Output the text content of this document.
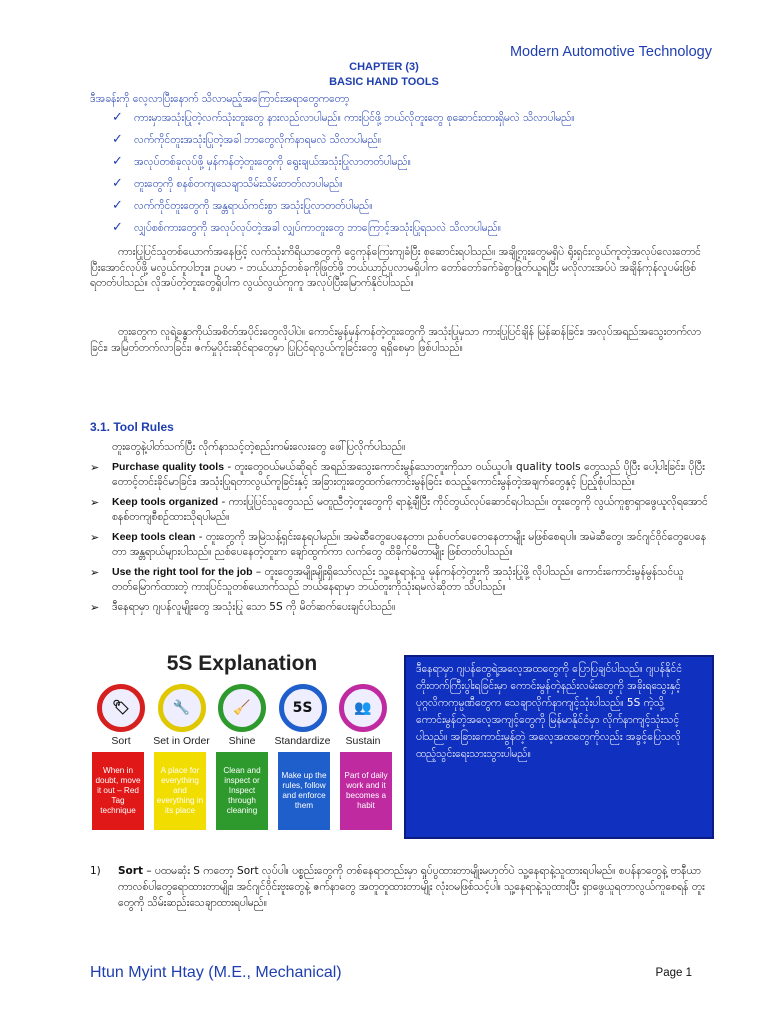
Modern Automotive Technology
CHAPTER (3)
BASIC HAND TOOLS
ဒီအခန်းကို လေ့လာပြီးနောက် သိလာမည့်အကြောင်းအရာတွေကတော့
✓	ကားမှာအသုံးပြုတဲ့လက်သုံးတူးတွေ နားလည်လာပါမည်။ ကားပြင်ဖို့ ဘယ်လိုတူးတွေ စုဆောင်းထားရှိမလဲ သိလာပါမည်။
✓	လက်ကိုင်တူးအသုံးပြုတဲ့အခါ ဘာတွေလိုက်နာရမလဲ သိလာပါမည်။
✓	အလုပ်တစ်ခုလုပ်ဖို့ မှန်ကန်တဲ့တူးတွေကို ရွေးချယ်အသုံးပြုလာတတ်ပါမည်။
✓	တူးတွေကို စနစ်တကျသေချာသိမ်းသိမ်းတတ်လာပါမည်။
✓	လက်ကိုင်တူးတွေကို အန္တရာယ်ကင်းစွာ အသုံးပြုလာတတ်ပါမည်။
✓	လျှပ်စစ်ကားတွေကို အလုပ်လုပ်တဲ့အခါ လျှပ်ကာတူးတွေ ဘာကြောင့်အသုံးပြုရသလဲ သိလာပါမည်။
ကားပြုပြင်သူတစ်ယောက်အနေဖြင့် လက်သုံးကိရိယာတွေကို ငွေကုန်ကြေးကျခံပြီး စုဆောင်းရပါသည်။ အချို့တူးတွေမရှိပဲ ရိုးရှင်းလွယ်ကူတဲ့အလုပ်လေးတောင် ပြီးအောင်လုပ်ဖို့ မလွယ်ကူပါဘူး။ ဥပမာ - ဘယ်ယာဉ်တစ်ခုကိုဖြုတ်ဖို့ ဘယ်ယာဉ်ပူလာမရှိပါက တော်တော်ခက်ခဲစွာဖြုတ်ယူရပြီး မလိုလားအပ်ပဲ အချိန်ကုန်လူပမ်းဖြစ်ရတတ်ပါသည်။ လိုအပ်တဲ့တူးတွေရှိပါက လွယ်လွယ်ကူကူ အလုပ်ပြီးမြောက်နိုင်ပါသည်။
တူးတွေက လူရဲ့ခန္ဓာကိုယ်အစိတ်အပိုင်းတွေလိုပါပဲ။ ကောင်းမွန်မှန်ကန်တဲ့တူးတွေကို အသုံးပြုမှသာ ကားပြုပြင်ချိန် မြန်ဆန်ခြင်း၊ အလုပ်အရည်အသွေးတက်လာခြင်း၊ အမြတ်တက်လာခြင်း၊ ဇက်မှုပိုင်းဆိုင်ရာတွေမှာ ပြုပြင်ရလွယ်ကူခြင်းတွေ ရရှိစေမှာ ဖြစ်ပါသည်။
3.1. Tool Rules
တူးတွေနဲ့ပါတ်သက်ပြီး လိုက်နာသင့်တဲ့စည်းကမ်းလေးတွေ ဖေါ်ပြလိုက်ပါသည်။
➢	Purchase quality tools - တူးတွေဝယ်မယ်ဆိုရင် အရည်အသွေးကောင်းမွန်သောတူးကိုသာ ဝယ်ယူပါ။ quality tools တွေသည် ပိုပြီး ပေါ့ပါးခြင်း၊ ပိုပြီးတောင့်တင်းခိုင်မာခြင်း၊ အသုံးပြုရတာလွယ်ကူခြင်းနှင့် အခြားတူးတွေထက်ကောင်းမွန်ခြင်း စသည့်ကောင်းမွန်တဲ့အချက်တွေနှင့် ပြည့်စုံပါသည်။
➢	Keep tools organized - ကားပြုပြင်သူတွေသည် မတူညီတဲ့တူးတွေကို ရာနဲ့ချီပြီး ကိုင်တွယ်လုပ်ဆောင်ရပါသည်။ တူးတွေကို လွယ်ကူစွာရှာဖွေယူလိုရအောင် စနစ်တကျစီစဉ်ထားသိုရပါမည်။
➢	Keep tools clean - တူးတွေကို အမြဲသန့်ရှင်းနေရပါမည်။ အမဲဆီတွေပေနေတာ၊ ညစ်ပတ်ပေတေနေတာမျိုး မဖြစ်စေရပါ။ အမဲဆီတွေ၊ အင်ဂျင်ဝိုင်တွေပေနေတာ အန္တရာယ်များပါသည်။ ညစ်ပေနေတဲ့တူးက ချော်ထွက်ကာ လက်တွေ ထိခိုက်မိတာမျိုး ဖြစ်တတ်ပါသည်။
➢	Use the right tool for the job – တူးတွေအမျိုးမျိုးရှိသော်လည်း သူ့နေရာနဲ့သူ မှန်ကန်တဲ့တူးကို အသုံးပြုဖို့ လိုပါသည်။ ကောင်းကောင်းမွန်မွန်သင်ယူတတ်မြောက်ထားတဲ့ ကားပြင်သူတစ်ယောက်သည် ဘယ်နေရာမှာ ဘယ်တူးကိုသုံးရမလဲဆိုတာ သိပါသည်။
➢	ဒီနေရာမှာ ဂျပန်လူမျိုးတွေ အသုံးပြု သော 5S ကို မိတ်ဆက်ပေးချင်ပါသည်။
5S Explanation
🏷
Sort
🔧
Set in Order
🧹
Shine
5S
Standardize
👥
Sustain
When in doubt, move it out – Red Tag technique
A place for everything and everything in its place
Clean and inspect or Inspect through cleaning
Make up the rules, follow and enforce them
Part of daily work and it becomes a habit
ဒီနေရာမှာ ဂျပန်တွေရဲ့အလေ့အထတွေကို ပြောပြချင်ပါသည်။ ဂျပန်နိုင်ငံတိုးတက်ကြီးပွါးရခြင်းမှာ ကောင်းမွန်တဲ့နည်းလမ်းတွေကို အခိုးရသွေးနှင့် ပုဂ္ဂလိကကုမ္ပဏီတွေက သေချာလိုက်နာကျင့်သုံးပါသည်။ 5S ကဲ့သို့ ကောင်းမွန်တဲ့အလေ့အကျင့်တွေကို မြန်မာနိုင်ငံမှာ လိုက်နာကျင့်သုံးသင့်ပါသည်။ အခြားကောင်းမွန်တဲ့ အလေ့အထတွေကိုလည်း အခွင့်ပြေသလို ထည့်သွင်းရေးသားသွားပါမည်။
1)	Sort – ပထမဆုံး S ကတော့ Sort လုပ်ပါ။ ပစ္စည်းတွေကို တစ်နေရာတည်းမှာ ရှုပ်ပွထားတာမျိုးမဟုတ်ပဲ သူ့နေရာနဲ့သူထားရပါမည်။ စပန်နာတွေနဲ့ ဗာနီယာကာလစ်ပါတွေရောထားတာမျိုး၊ အင်ဂျင်ဝိုင်းဗူးတွေနဲ့ ဇက်နာတွေ အတူတူထားတာမျိုး လုံးဝမဖြစ်သင့်ပါ။ သူ့နေရာနဲ့သူထားပြီး ရှာဖွေယူရတာလွယ်ကူစေရန် တူးတွေကို သိမ်းဆည်းသေချာထားရပါမည်။
Htun Myint Htay (M.E., Mechanical)	Page 1
